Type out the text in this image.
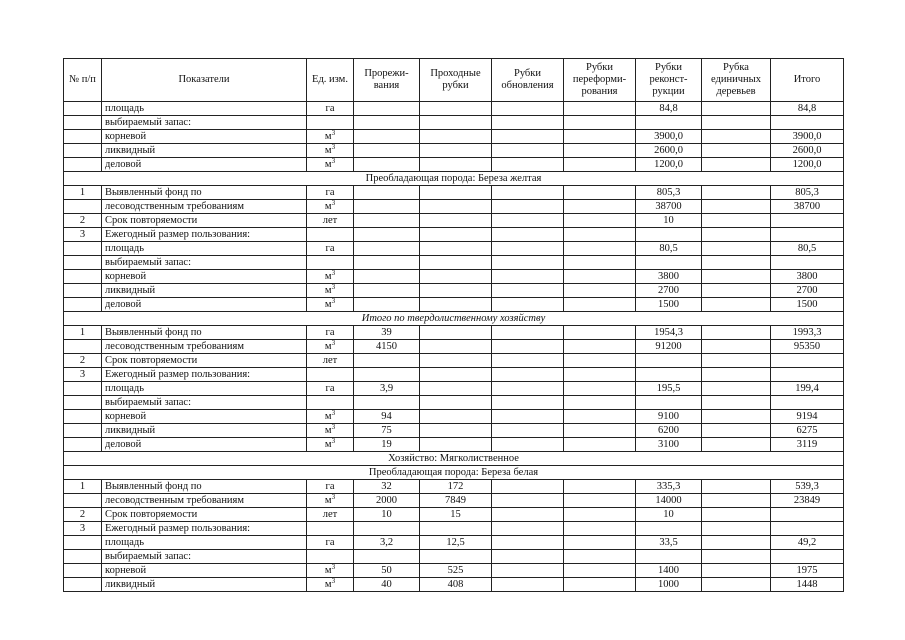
№ п/п	Показатели	Ед. изм.	Прорежи-вания	Проходные рубки	Рубки обновления	Рубки переформи-рования	Рубки реконст-рукции	Рубка единичных деревьев	Итого
	площадь	га					84,8		84,8
	выбираемый запас:								
	корневой	$м^3$					3900,0		3900,0
	ликвидный	$м^3$					2600,0		2600,0
	деловой	$м^3$					1200,0		1200,0
Преобладающая порода: Береза желтая									
1	Выявленный фонд по	га					805,3		805,3
	лесоводственным требованиям	$м^3$					38700		38700
2	Срок повторяемости	лет					10		
3	Ежегодный размер пользования:								
	площадь	га					80,5		80,5
	выбираемый запас:								
	корневой	$м^3$					3800		3800
	ликвидный	$м^3$					2700		2700
	деловой	$м^3$					1500		1500
Итого по твердолиственному хозяйству									
1	Выявленный фонд по	га	39				1954,3		1993,3
	лесоводственным требованиям	$м^3$	4150				91200		95350
2	Срок повторяемости	лет							
3	Ежегодный размер пользования:								
	площадь	га	3,9				195,5		199,4
	выбираемый запас:								
	корневой	$м^3$	94				9100		9194
	ликвидный	$м^3$	75				6200		6275
	деловой	$м^3$	19				3100		3119
Хозяйство: Мягколиственное									
Преобладающая порода: Береза белая									
1	Выявленный фонд по	га	32	172			335,3		539,3
	лесоводственным требованиям	$м^3$	2000	7849			14000		23849
2	Срок повторяемости	лет	10	15			10		
3	Ежегодный размер пользования:								
	площадь	га	3,2	12,5			33,5		49,2
	выбираемый запас:								
	корневой	$м^3$	50	525			1400		1975
	ликвидный	$м^3$	40	408			1000		1448
